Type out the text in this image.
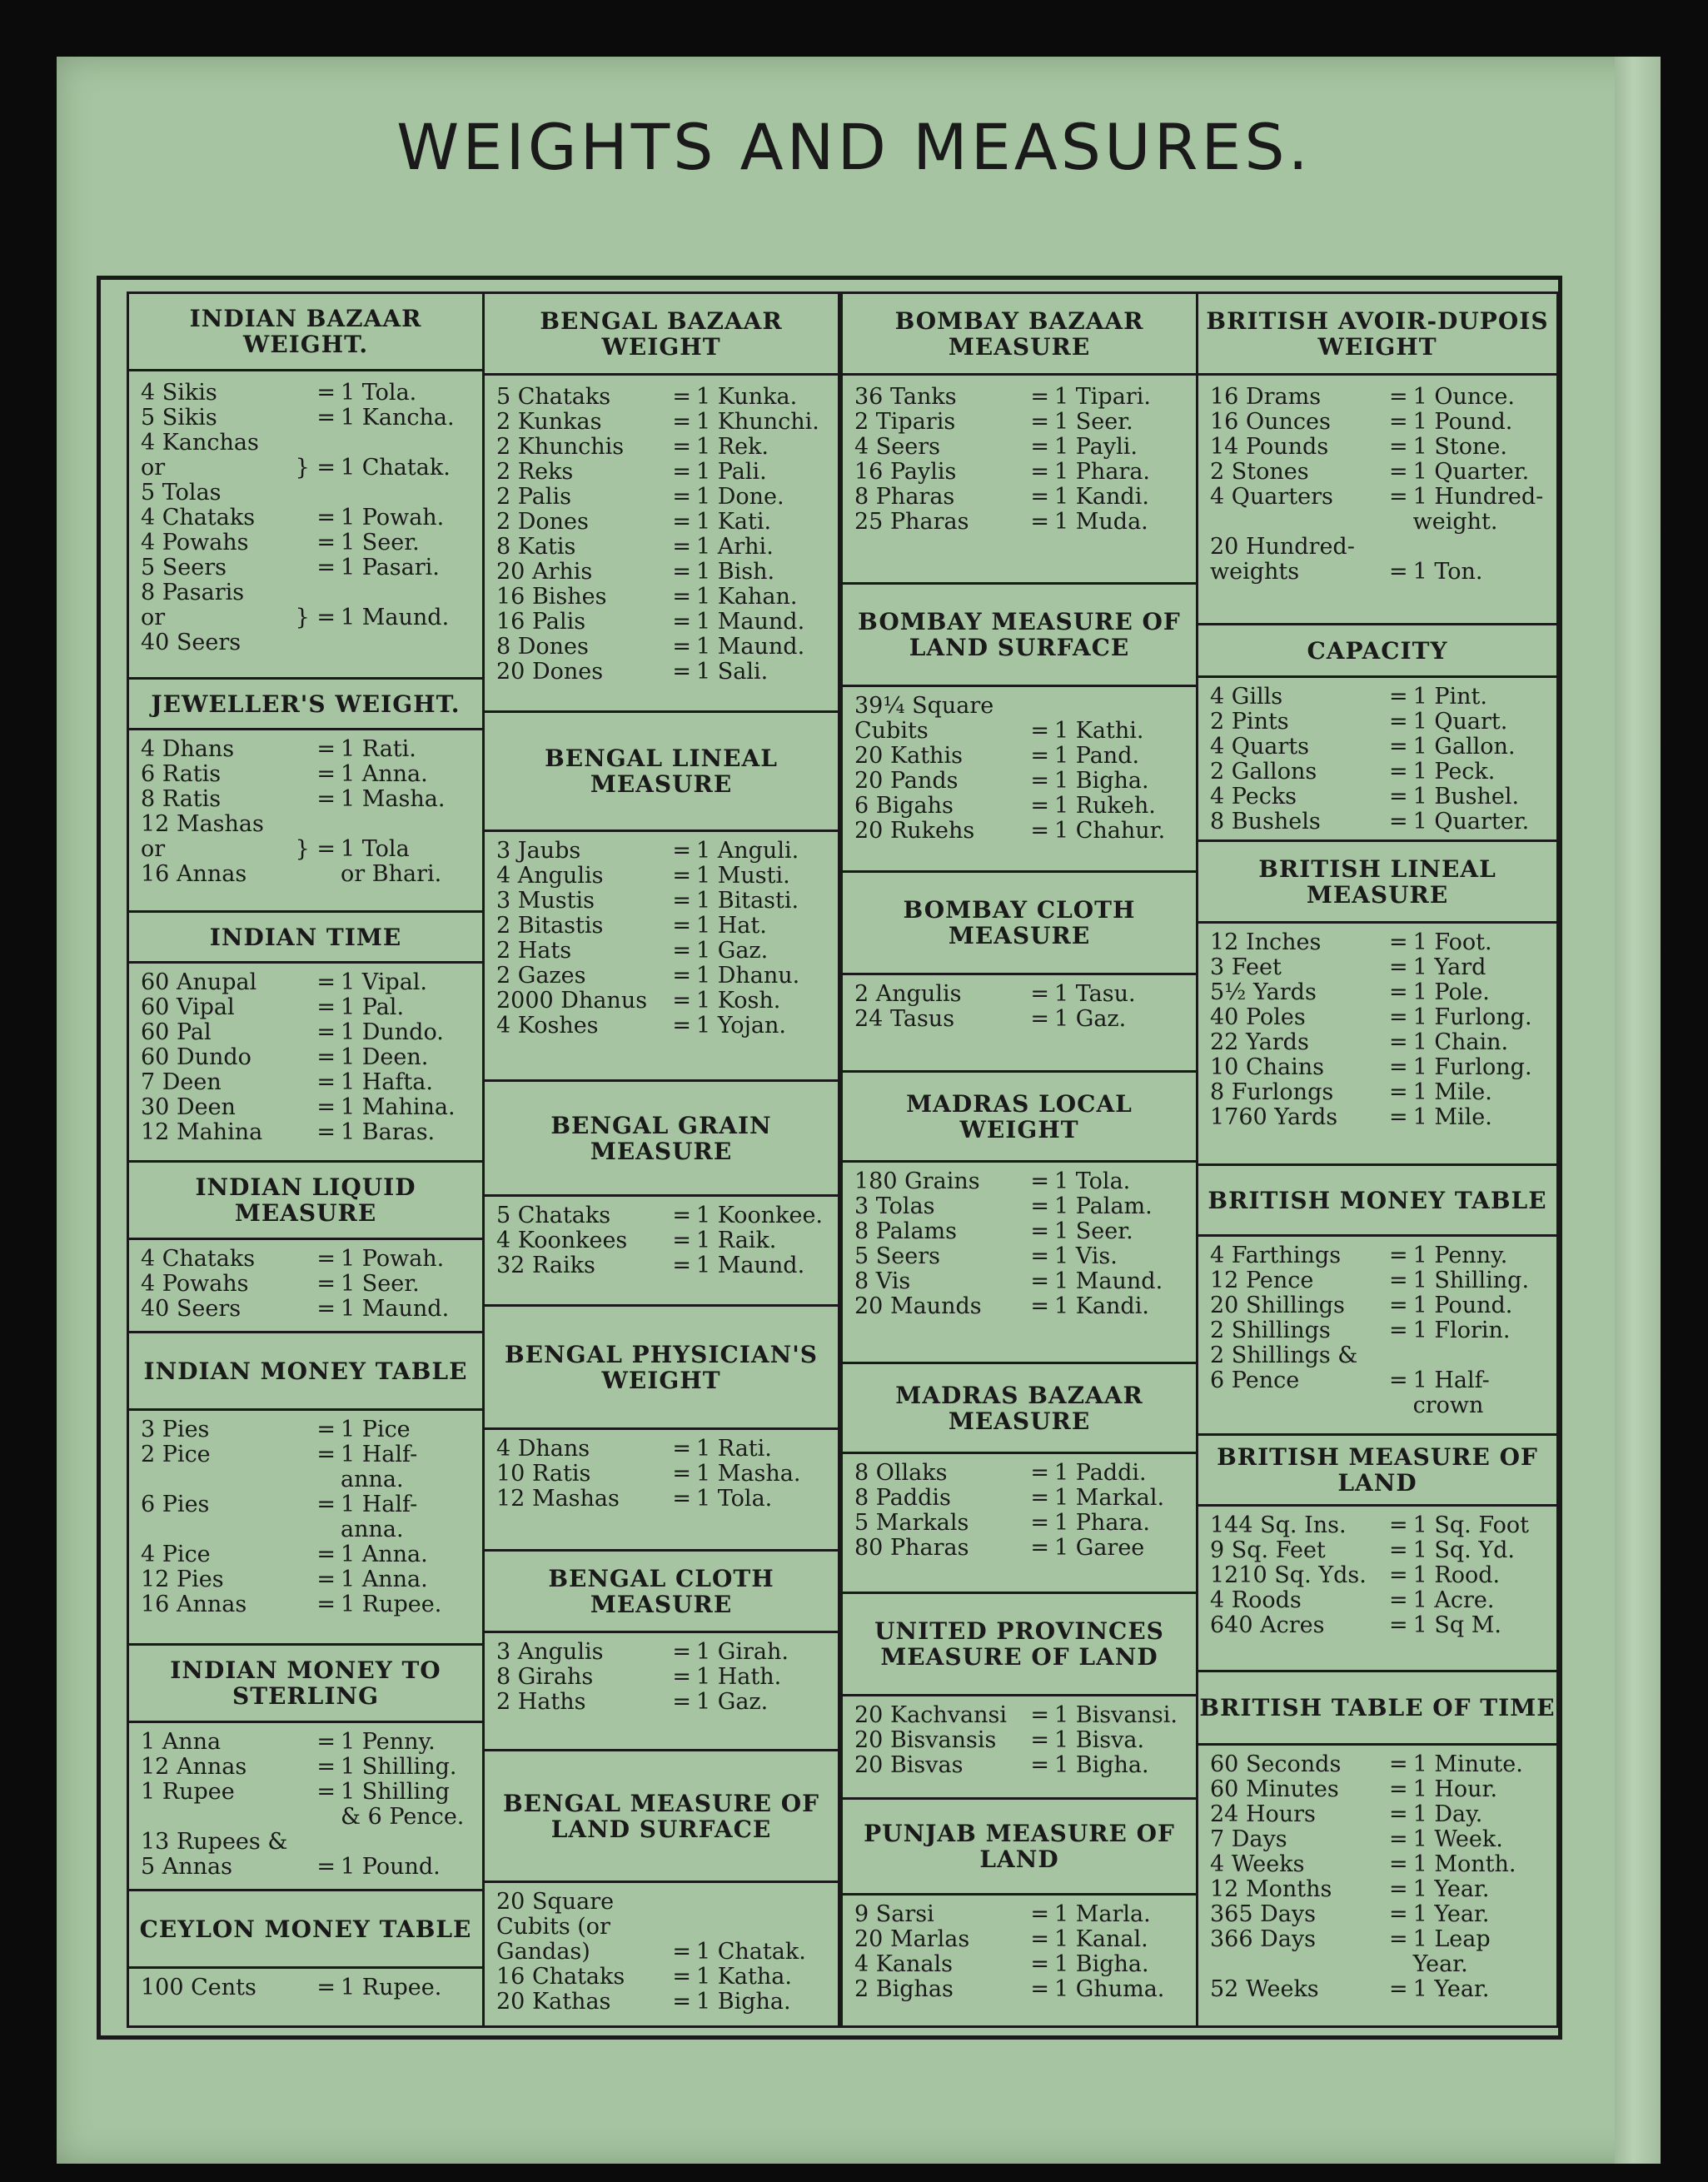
WEIGHTS AND MEASURES.
INDIAN BAZAAR WEIGHT.
4 Sikis	= 1 Tola.
5 Sikis	= 1 Kancha.
4 Kanchas
or	} = 1 Chatak.
5 Tolas
4 Chataks	= 1 Powah.
4 Powahs	= 1 Seer.
5 Seers	= 1 Pasari.
8 Pasaris
or	} = 1 Maund.
40 Seers
JEWELLER'S WEIGHT.
4 Dhans	= 1 Rati.
6 Ratis	= 1 Anna.
8 Ratis	= 1 Masha.
12 Mashas
or	} = 1 Tola
16 Annas	or Bhari.
INDIAN TIME
60 Anupal	= 1 Vipal.
60 Vipal	= 1 Pal.
60 Pal	= 1 Dundo.
60 Dundo	= 1 Deen.
7 Deen	= 1 Hafta.
30 Deen	= 1 Mahina.
12 Mahina = 1 Baras.
INDIAN LIQUID MEASURE
4 Chataks	= 1 Powah.
4 Powahs	= 1 Seer.
40 Seers	= 1 Maund.
INDIAN MONEY TABLE
3 Pies	= 1 Pice
2 Pice	= 1 Half-
anna.
6 Pies	= 1 Half-
anna.
4 Pice	= 1 Anna.
12 Pies	= 1 Anna.
16 Annas	= 1 Rupee.
INDIAN MONEY TO STERLING
1 Anna	= 1 Penny.
12 Annas	= 1 Shilling.
1 Rupee	= 1 Shilling
& 6 Pence.
13 Rupees &
5 Annas	= 1 Pound.
CEYLON MONEY TABLE
100 Cents	= 1 Rupee.
BENGAL BAZAAR WEIGHT
5 Chataks	= 1 Kunka.
2 Kunkas	= 1 Khunchi.
2 Khunchis = 1 Rek.
2 Reks	= 1 Pali.
2 Palis	= 1 Done.
2 Dones	= 1 Kati.
8 Katis	= 1 Arhi.
20 Arhis	= 1 Bish.
16 Bishes	= 1 Kahan.
16 Palis	= 1 Maund.
8 Dones	= 1 Maund.
20 Dones	= 1 Sali.
BENGAL LINEAL MEASURE
3 Jaubs	= 1 Anguli.
4 Angulis	= 1 Musti.
3 Mustis	= 1 Bitasti.
2 Bitastis	= 1 Hat.
2 Hats	= 1 Gaz.
2 Gazes	= 1 Dhanu.
2000 Dhanus = 1 Kosh.
4 Koshes	= 1 Yojan.
BENGAL GRAIN MEASURE
5 Chataks	= 1 Koonkee.
4 Koonkees = 1 Raik.
32 Raiks	= 1 Maund.
BENGAL PHYSICIAN'S WEIGHT
4 Dhans	= 1 Rati.
10 Ratis	= 1 Masha.
12 Mashas = 1 Tola.
BENGAL CLOTH MEASURE
3 Angulis	= 1 Girah.
8 Girahs	= 1 Hath.
2 Haths	= 1 Gaz.
BENGAL MEASURE OF LAND SURFACE
20 Square
Cubits (or
Gandas)	= 1 Chatak.
16 Chataks = 1 Katha.
20 Kathas	= 1 Bigha.
BOMBAY BAZAAR MEASURE
36 Tanks	= 1 Tipari.
2 Tiparis	= 1 Seer.
4 Seers	= 1 Payli.
16 Paylis	= 1 Phara.
8 Pharas	= 1 Kandi.
25 Pharas	= 1 Muda.
BOMBAY MEASURE OF LAND SURFACE
39¼ Square
Cubits	= 1 Kathi.
20 Kathis	= 1 Pand.
20 Pands	= 1 Bigha.
6 Bigahs	= 1 Rukeh.
20 Rukehs = 1 Chahur.
BOMBAY CLOTH MEASURE
2 Angulis	= 1 Tasu.
24 Tasus	= 1 Gaz.
MADRAS LOCAL WEIGHT
180 Grains = 1 Tola.
3 Tolas	= 1 Palam.
8 Palams	= 1 Seer.
5 Seers	= 1 Vis.
8 Vis	= 1 Maund.
20 Maunds = 1 Kandi.
MADRAS BAZAAR MEASURE
8 Ollaks	= 1 Paddi.
8 Paddis	= 1 Markal.
5 Markals	= 1 Phara.
80 Pharas	= 1 Garee
UNITED PROVINCES MEASURE OF LAND
20 Kachvansi = 1 Bisvansi.
20 Bisvansis = 1 Bisva.
20 Bisvas	= 1 Bigha.
PUNJAB MEASURE OF LAND
9 Sarsi	= 1 Marla.
20 Marlas	= 1 Kanal.
4 Kanals	= 1 Bigha.
2 Bighas	= 1 Ghuma.
BRITISH AVOIR-DUPOIS WEIGHT
16 Drams	= 1 Ounce.
16 Ounces	= 1 Pound.
14 Pounds	= 1 Stone.
2 Stones	= 1 Quarter.
4 Quarters = 1 Hundred-
weight.
20 Hundred-
weights	= 1 Ton.
CAPACITY
4 Gills	= 1 Pint.
2 Pints	= 1 Quart.
4 Quarts	= 1 Gallon.
2 Gallons	= 1 Peck.
4 Pecks	= 1 Bushel.
8 Bushels	= 1 Quarter.
BRITISH LINEAL MEASURE
12 Inches	= 1 Foot.
3 Feet	= 1 Yard
5½ Yards	= 1 Pole.
40 Poles	= 1 Furlong.
22 Yards	= 1 Chain.
10 Chains	= 1 Furlong.
8 Furlongs = 1 Mile.
1760 Yards = 1 Mile.
BRITISH MONEY TABLE
4 Farthings = 1 Penny.
12 Pence	= 1 Shilling.
20 Shillings = 1 Pound.
2 Shillings	= 1 Florin.
2 Shillings &
6 Pence	= 1 Half-
crown
BRITISH MEASURE OF LAND
144 Sq. Ins. = 1 Sq. Foot
9 Sq. Feet	= 1 Sq. Yd.
1210 Sq. Yds. = 1 Rood.
4 Roods	= 1 Acre.
640 Acres	= 1 Sq M.
BRITISH TABLE OF TIME
60 Seconds = 1 Minute.
60 Minutes = 1 Hour.
24 Hours	= 1 Day.
7 Days	= 1 Week.
4 Weeks	= 1 Month.
12 Months	= 1 Year.
365 Days	= 1 Year.
366 Days	= 1 Leap
Year.
52 Weeks	= 1 Year.
